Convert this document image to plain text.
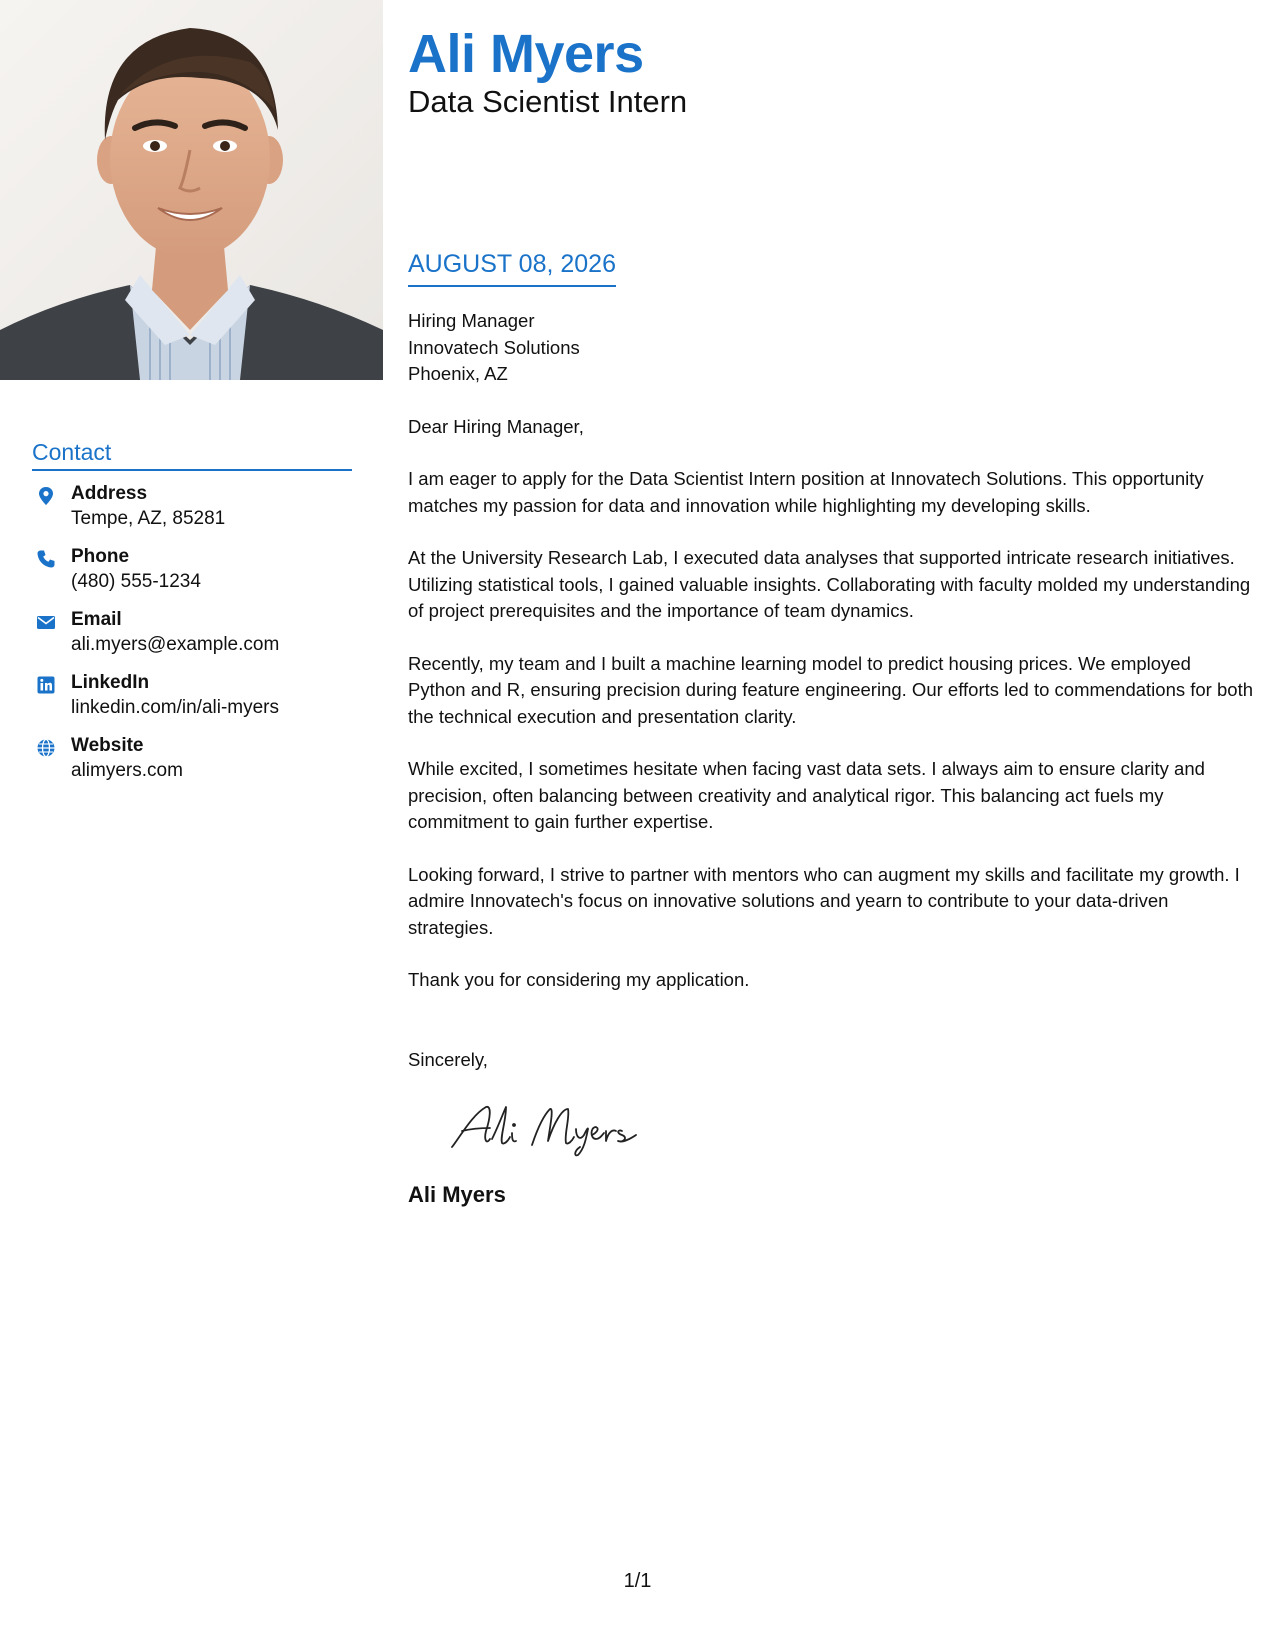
Ali Myers
Data Scientist Intern
AUGUST 08, 2026
Contact
Address
Tempe, AZ, 85281
Phone
(480) 555-1234
Email
ali.myers@example.com
LinkedIn
linkedin.com/in/ali-myers
Website
alimyers.com
Hiring Manager
Innovatech Solutions
Phoenix, AZ
Dear Hiring Manager,

I am eager to apply for the Data Scientist Intern position at Innovatech Solutions. This opportunity matches my passion for data and innovation while highlighting my developing skills.

At the University Research Lab, I executed data analyses that supported intricate research initiatives. Utilizing statistical tools, I gained valuable insights. Collaborating with faculty molded my understanding of project prerequisites and the importance of team dynamics.

Recently, my team and I built a machine learning model to predict housing prices. We employed Python and R, ensuring precision during feature engineering. Our efforts led to commendations for both the technical execution and presentation clarity.

While excited, I sometimes hesitate when facing vast data sets. I always aim to ensure clarity and precision, often balancing between creativity and analytical rigor. This balancing act fuels my commitment to gain further expertise.

Looking forward, I strive to partner with mentors who can augment my skills and facilitate my growth. I admire Innovatech's focus on innovative solutions and yearn to contribute to your data-driven strategies.

Thank you for considering my application.

Sincerely,
Ali Myers
1/1
